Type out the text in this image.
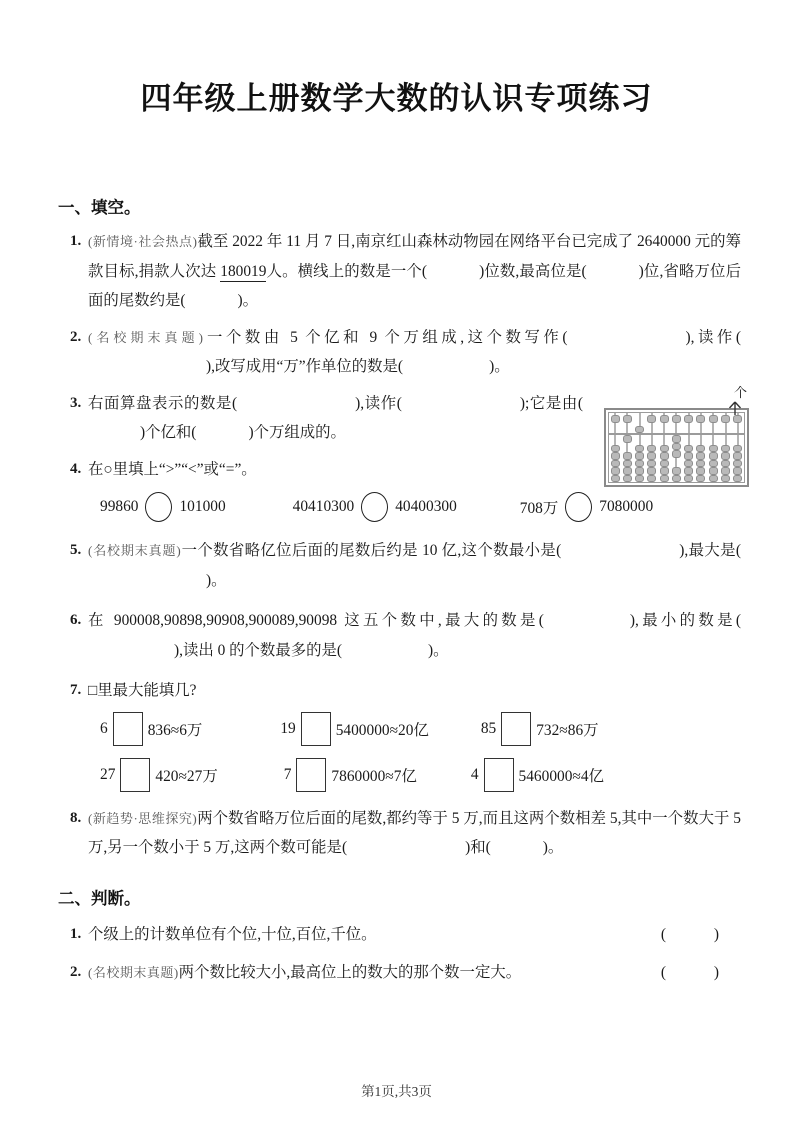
四年级上册数学大数的认识专项练习
一、填空。
1. (新情境·社会热点)截至 2022 年 11 月 7 日,南京红山森林动物园在网络平台已完成了 2640000 元的筹款目标,捐款人次达 180019人。横线上的数是一个(	)位数,最高位是(	)位,省略万位后面的尾数约是(	)。
2. (名校期末真题)一个数由 5 个亿和 9 个万组成,这个数写作(	),读作(),改写成用“万”作单位的数是(	)。
3. 右面算盘表示的数是(	),读作(	);它是由()个亿和(	)个万组成的。
个
4. 在○里填上“>”“<”或“=”。
99860	101000	40410300	40400300	708万	7080000
5. (名校期末真题)一个数省略亿位后面的尾数后约是 10 亿,这个数最小是(	),最大是()。
6. 在 900008,90898,90908,900089,90098 这五个数中,最大的数是(	),最小的数是(),读出 0 的个数最多的是(	)。
7. □里最大能填几?
6	836≈6万	19	5400000≈20亿	85	732≈86万
27	420≈27万	7	7860000≈7亿	4	5460000≈4亿
8. (新趋势·思维探究)两个数省略万位后面的尾数,都约等于 5 万,而且这两个数相差 5,其中一个数大于 5 万,另一个数小于 5 万,这两个数可能是(	)和(	)。
二、判断。
1. 个级上的计数单位有个位,十位,百位,千位。	( )
2. (名校期末真题)两个数比较大小,最高位上的数大的那个数一定大。	( )
第1页,共3页
